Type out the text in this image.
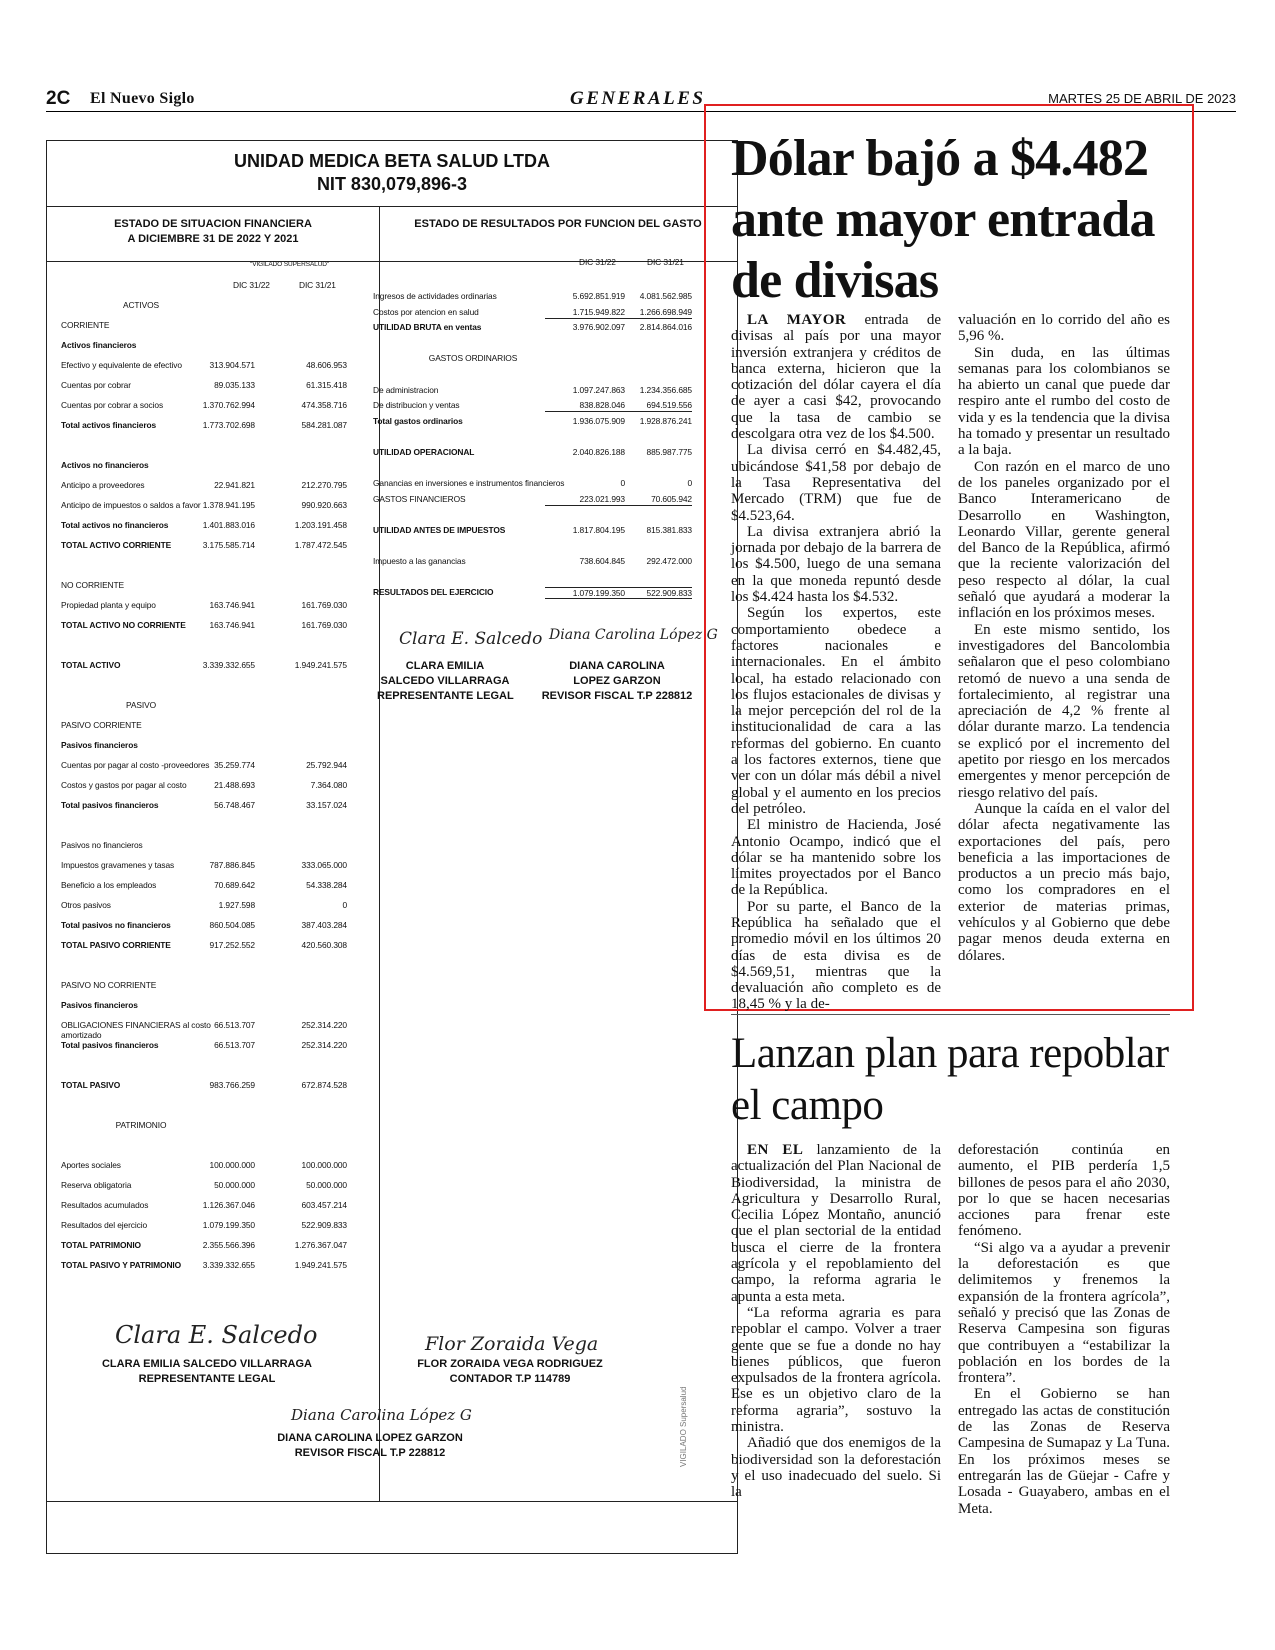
2C El Nuevo Siglo	GENERALES	MARTES 25 DE ABRIL DE 2023
UNIDAD MEDICA BETA SALUD LTDA
NIT 830,079,896-3
ESTADO DE SITUACION FINANCIERA
A DICIEMBRE 31 DE 2022 Y 2021
ESTADO DE RESULTADOS POR FUNCION DEL GASTO
"VIGILADO SUPERSALUD"
DIC 31/22	DIC 31/21
ACTIVOS
CORRIENTE
Activos financieros
Efectivo y equivalente de efectivo	313.904.571	48.606.953
Cuentas por cobrar	89.035.133	61.315.418
Cuentas por cobrar a socios	1.370.762.994	474.358.716
Total activos financieros	1.773.702.698	584.281.087
Activos no financieros
Anticipo a proveedores	22.941.821	212.270.795
Anticipo de impuestos o saldos a favor 1.378.941.195	990.920.663
Total activos no financieros	1.401.883.016	1.203.191.458
TOTAL ACTIVO CORRIENTE	3.175.585.714	1.787.472.545
NO CORRIENTE
Propiedad planta y equipo	163.746.941	161.769.030
TOTAL ACTIVO NO CORRIENTE	163.746.941	161.769.030
TOTAL ACTIVO	3.339.332.655	1.949.241.575
PASIVO
PASIVO CORRIENTE
Pasivos financieros
Cuentas por pagar al costo -proveedores 35.259.774	25.792.944
Costos y gastos por pagar al costo	21.488.693	7.364.080
Total pasivos financieros	56.748.467	33.157.024
Pasivos no financieros
Impuestos gravamenes y tasas	787.886.845	333.065.000
Beneficio a los empleados	70.689.642	54.338.284
Otros pasivos	1.927.598	0
Total pasivos no financieros	860.504.085	387.403.284
TOTAL PASIVO CORRIENTE	917.252.552	420.560.308
PASIVO NO CORRIENTE
Pasivos financieros
OBLIGACIONES FINANCIERAS al costo amortizado
66.513.707	252.314.220
Total pasivos financieros	66.513.707	252.314.220
TOTAL PASIVO	983.766.259	672.874.528
PATRIMONIO
Aportes sociales	100.000.000	100.000.000
Reserva obligatoria	50.000.000	50.000.000
Resultados acumulados	1.126.367.046	603.457.214
Resultados del ejercicio	1.079.199.350	522.909.833
TOTAL PATRIMONIO	2.355.566.396	1.276.367.047
TOTAL PASIVO Y PATRIMONIO	3.339.332.655	1.949.241.575
DIC 31/22	DIC 31/21
Ingresos de actividades ordinarias	5.692.851.919	4.081.562.985
Costos por atencion en salud	1.715.949.822	1.266.698.949
UTILIDAD BRUTA en ventas	3.976.902.097	2.814.864.016
GASTOS ORDINARIOS
De administracion	1.097.247.863	1.234.356.685
De distribucion y ventas	838.828.046	694.519.556
Total gastos ordinarios	1.936.075.909	1.928.876.241
UTILIDAD OPERACIONAL	2.040.826.188	885.987.775
Ganancias en inversiones e instrumentos financieros	0	0
GASTOS FINANCIEROS	223.021.993	70.605.942
UTILIDAD ANTES DE IMPUESTOS	1.817.804.195	815.381.833
Impuesto a las ganancias	738.604.845	292.472.000
RESULTADOS DEL EJERCICIO	1.079.199.350	522.909.833
Clara E. Salcedo
CLARA EMILIA
SALCEDO VILLARRAGA
REPRESENTANTE LEGAL
Diana Carolina López G
DIANA CAROLINA
LOPEZ GARZON
REVISOR FISCAL T.P 228812
Clara E. Salcedo
CLARA EMILIA SALCEDO VILLARRAGA
REPRESENTANTE LEGAL
Flor Zoraida Vega
FLOR ZORAIDA VEGA RODRIGUEZ
CONTADOR T.P 114789
Diana Carolina López G
DIANA CAROLINA LOPEZ GARZON
REVISOR FISCAL T.P 228812	VIGILADO Supersalud
Dólar bajó a $4.482 ante mayor entrada de divisas

LA MAYOR entrada de divisas al país por una mayor inversión extranjera y créditos de banca externa, hicieron que la cotización del dólar cayera el día de ayer a casi $42, provocando que la tasa de cambio se descolgara otra vez de los $4.500.

La divisa cerró en $4.482,45, ubicándose $41,58 por debajo de la Tasa Representativa del Mercado (TRM) que fue de $4.523,64.

La divisa extranjera abrió la jornada por debajo de la barrera de los $4.500, luego de una semana en la que moneda repuntó desde los $4.424 hasta los $4.532.

Según los expertos, este comportamiento obedece a factores nacionales e internacionales. En el ámbito local, ha estado relacionado con los flujos estacionales de divisas y la mejor percepción del rol de la institucionalidad de cara a las reformas del gobierno. En cuanto a los factores externos, tiene que ver con un dólar más débil a nivel global y el aumento en los precios del petróleo.

El ministro de Hacienda, José Antonio Ocampo, indicó que el dólar se ha mantenido sobre los límites proyectados por el Banco de la República.

Por su parte, el Banco de la República ha señalado que el promedio móvil en los últimos 20 días de esta divisa es de $4.569,51, mientras que la devaluación año completo es de 18,45 % y la de-

valuación en lo corrido del año es 5,96 %.

Sin duda, en las últimas semanas para los colombianos se ha abierto un canal que puede dar respiro ante el rumbo del costo de vida y es la tendencia que la divisa ha tomado y presentar un resultado a la baja.

Con razón en el marco de uno de los paneles organizado por el Banco Interamericano de Desarrollo en Washington, Leonardo Villar, gerente general del Banco de la República, afirmó que la reciente valorización del peso respecto al dólar, la cual señaló que ayudará a moderar la inflación en los próximos meses.

En este mismo sentido, los investigadores del Bancolombia señalaron que el peso colombiano retomó de nuevo a una senda de fortalecimiento, al registrar una apreciación de 4,2 % frente al dólar durante marzo. La tendencia se explicó por el incremento del apetito por riesgo en los mercados emergentes y menor percepción de riesgo relativo del país.

Aunque la caída en el valor del dólar afecta negativamente las exportaciones del país, pero beneficia a las importaciones de productos a un precio más bajo, como los compradores en el exterior de materias primas, vehículos y al Gobierno que debe pagar menos deuda externa en dólares.

Lanzan plan para repoblar el campo

EN EL lanzamiento de la actualización del Plan Nacional de Biodiversidad, la ministra de Agricultura y Desarrollo Rural, Cecilia López Montaño, anunció que el plan sectorial de la entidad busca el cierre de la frontera agrícola y el repoblamiento del campo, la reforma agraria le apunta a esta meta.

“La reforma agraria es para repoblar el campo. Volver a traer gente que se fue a donde no hay bienes públicos, que fueron expulsados de la frontera agrícola. Ese es un objetivo claro de la reforma agraria”, sostuvo la ministra.

Añadió que dos enemigos de la biodiversidad son la deforestación y el uso inadecuado del suelo. Si la

deforestación continúa en aumento, el PIB perdería 1,5 billones de pesos para el año 2030, por lo que se hacen necesarias acciones para frenar este fenómeno.

“Si algo va a ayudar a prevenir la deforestación es que delimitemos y frenemos la expansión de la frontera agrícola”, señaló y precisó que las Zonas de Reserva Campesina son figuras que contribuyen a “estabilizar la población en los bordes de la frontera”.

En el Gobierno se han entregado las actas de constitución de las Zonas de Reserva Campesina de Sumapaz y La Tuna. En los próximos meses se entregarán las de Güejar - Cafre y Losada - Guayabero, ambas en el Meta.
